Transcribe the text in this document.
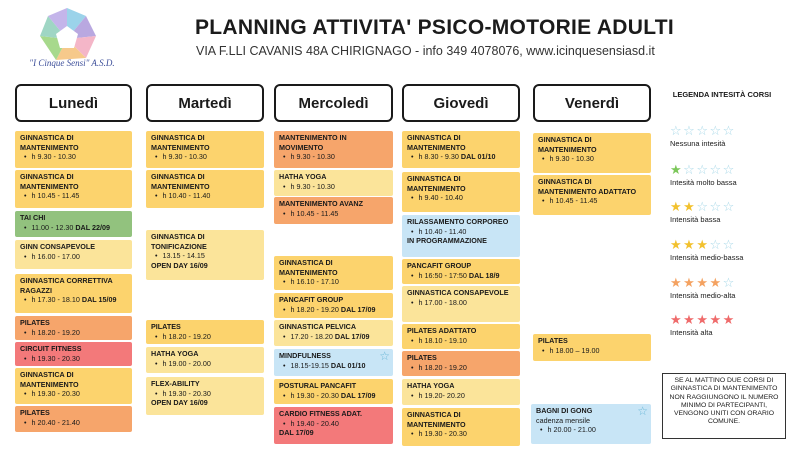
"I Cinque Sensi" A.S.D.
PLANNING ATTIVITA' PSICO-MOTORIE ADULTI
VIA F.LLI CAVANIS 48A CHIRIGNAGO - info 349 4078076, www.icinquesensiasd.it
Lunedì	Martedì	Mercoledì	Giovedì	Venerdì
GINNASTICA DI MANTENIMENTO
• h 9.30 - 10.30
GINNASTICA DI MANTENIMENTO
• h 10.45 - 11.45
TAI CHI
• 11.00 - 12.30 DAL 22/09
GINN CONSAPEVOLE
• h 16.00 - 17.00
GINNASTICA CORRETTIVA RAGAZZI
• h 17.30 - 18.10 DAL 15/09
PILATES
• h 18.20 - 19.20
CIRCUIT FITNESS
• h 19.30 - 20.30
GINNASTICA DI MANTENIMENTO
• h 19.30 - 20.30
PILATES
• h 20.40 - 21.40
GINNASTICA DI MANTENIMENTO
• h 9.30 - 10.30
GINNASTICA DI MANTENIMENTO
• h 10.40 - 11.40
GINNASTICA DI TONIFICAZIONE
• 13.15 - 14.15
OPEN DAY 16/09
PILATES
• h 18.20 - 19.20
HATHA YOGA
• h 19.00 - 20.00
FLEX-ABILITY
• h 19.30 - 20.30
OPEN DAY 16/09
MANTENIMENTO IN MOVIMENTO
• h 9.30 - 10.30
HATHA YOGA
• h 9.30 - 10.30
MANTENIMENTO AVANZ
• h 10.45 - 11.45
GINNASTICA DI MANTENIMENTO
• h 16.10 - 17.10
PANCAFIT GROUP
• h 18.20 - 19.20 DAL 17/09
GINNASTICA PELVICA
• 17.20 - 18.20 DAL 17/09
MINDFULNESS
• 18.15-19.15 DAL 01/10
☆
POSTURAL PANCAFIT
• h 19.30 - 20.30 DAL 17/09
CARDIO FITNESS ADAT.
• h 19.40 - 20.40
DAL 17/09
GINNASTICA DI MANTENIMENTO
• h 8.30 - 9.30 DAL 01/10
GINNASTICA DI MANTENIMENTO
• h 9.40 - 10.40
RILASSAMENTO CORPOREO
• h 10.40 - 11.40
IN PROGRAMMAZIONE
PANCAFIT GROUP
• h 16:50 - 17:50 DAL 18/9
GINNASTICA CONSAPEVOLE
• h 17.00 - 18.00
PILATES ADATTATO
• h 18.10 - 19.10
PILATES
• h 18.20 - 19.20
HATHA YOGA
• h 19.20- 20.20
GINNASTICA DI MANTENIMENTO
• h 19.30 - 20.30
GINNASTICA DI MANTENIMENTO
• h 9.30 - 10.30
GINNASTICA DI MANTENIMENTO ADATTATO
• h 10.45 - 11.45
PILATES
• h 18.00 – 19.00
BAGNI DI GONG
cadenza mensile
• h 20.00 - 21.00
☆
LEGENDA INTESITÀ CORSI
☆☆☆☆☆
Nessuna intesità
★☆☆☆☆
Intesità molto bassa
★★☆☆☆
Intensità bassa
★★★☆☆
Intensità medio-bassa
★★★★☆
Intensità medio-alta
★★★★★
Intensità alta
SE AL MATTINO DUE CORSI DI GINNASTICA DI MANTENIMENTO NON RAGGIUNGONO IL NUMERO MINIMO DI PARTECIPANTI, VENGONO UNITI CON ORARIO COMUNE.
